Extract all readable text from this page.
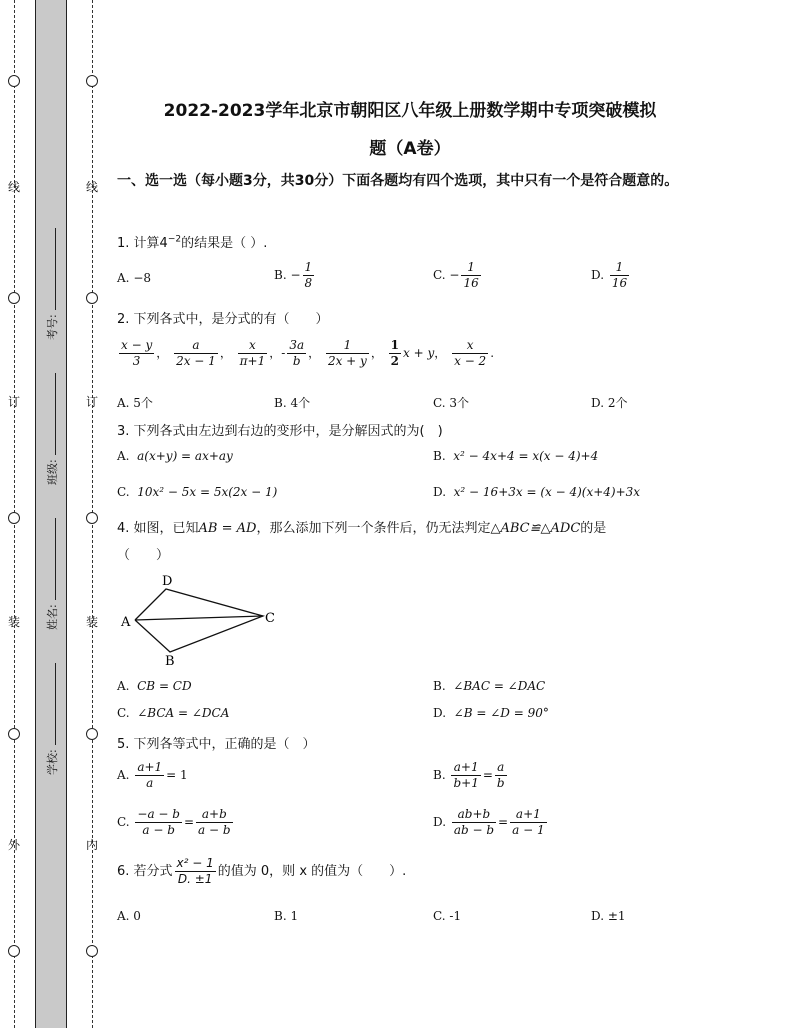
线
订
装
外
线
订
装
内
考号:
班级:
姓名:
学校:
2022-2023学年北京市朝阳区八年级上册数学期中专项突破模拟
题（A卷）
一、选一选（每小题3分，共30分）下面各题均有四个选项，其中只有一个是符合题意的。
1. 计算$4^{-2}$的结果是（ ）.
A. −8	B. − $\frac{1}{8}$	C. − $\frac{1}{16}$	D. $\frac{1}{16}$
2. 下列各式中，是分式的有（　　）
$\frac{x - y}{3}$ ， $\frac{a}{2x - 1}$ ， $\frac{x}{\pi+1}$ ，- $\frac{3a}{b}$ ， $\frac{1}{2x + y}$ ， $\frac{1}{2}$ x + y， $\frac{x}{x - 2}$ .
A. 5个	B. 4个	C. 3个	D. 2个
3. 下列各式由左边到右边的变形中，是分解因式的为(　)
A. a(x+y) = ax+ay	B. x² − 4x+4 = x(x − 4)+4
C. 10x² − 5x = 5x(2x − 1)	D. x² − 16+3x = (x − 4)(x+4)+3x
4. 如图，已知AB = AD，那么添加下列一个条件后，仍无法判定△ABC≌△ADC的是
（　　）
A
D
C
B
A. CB = CD	B. ∠BAC = ∠DAC
C. ∠BCA = ∠DCA	D. ∠B = ∠D = 90°
5. 下列各等式中，正确的是（　）
A. $\frac{a+1}{a} = 1$	B. $\frac{a+1}{b+1} = \frac{a}{b}$
C. $\frac{-a - b}{a - b} = \frac{a+b}{a - b}$	D. $\frac{ab+b}{ab - b} = \frac{a+1}{a - 1}$
6. 若分式 $\frac{\text{x² − 1}}{D. \pm 1}$ 的值为 0，则 x 的值为（　　）.
A. 0	B. 1	C. -1	D. ±1
